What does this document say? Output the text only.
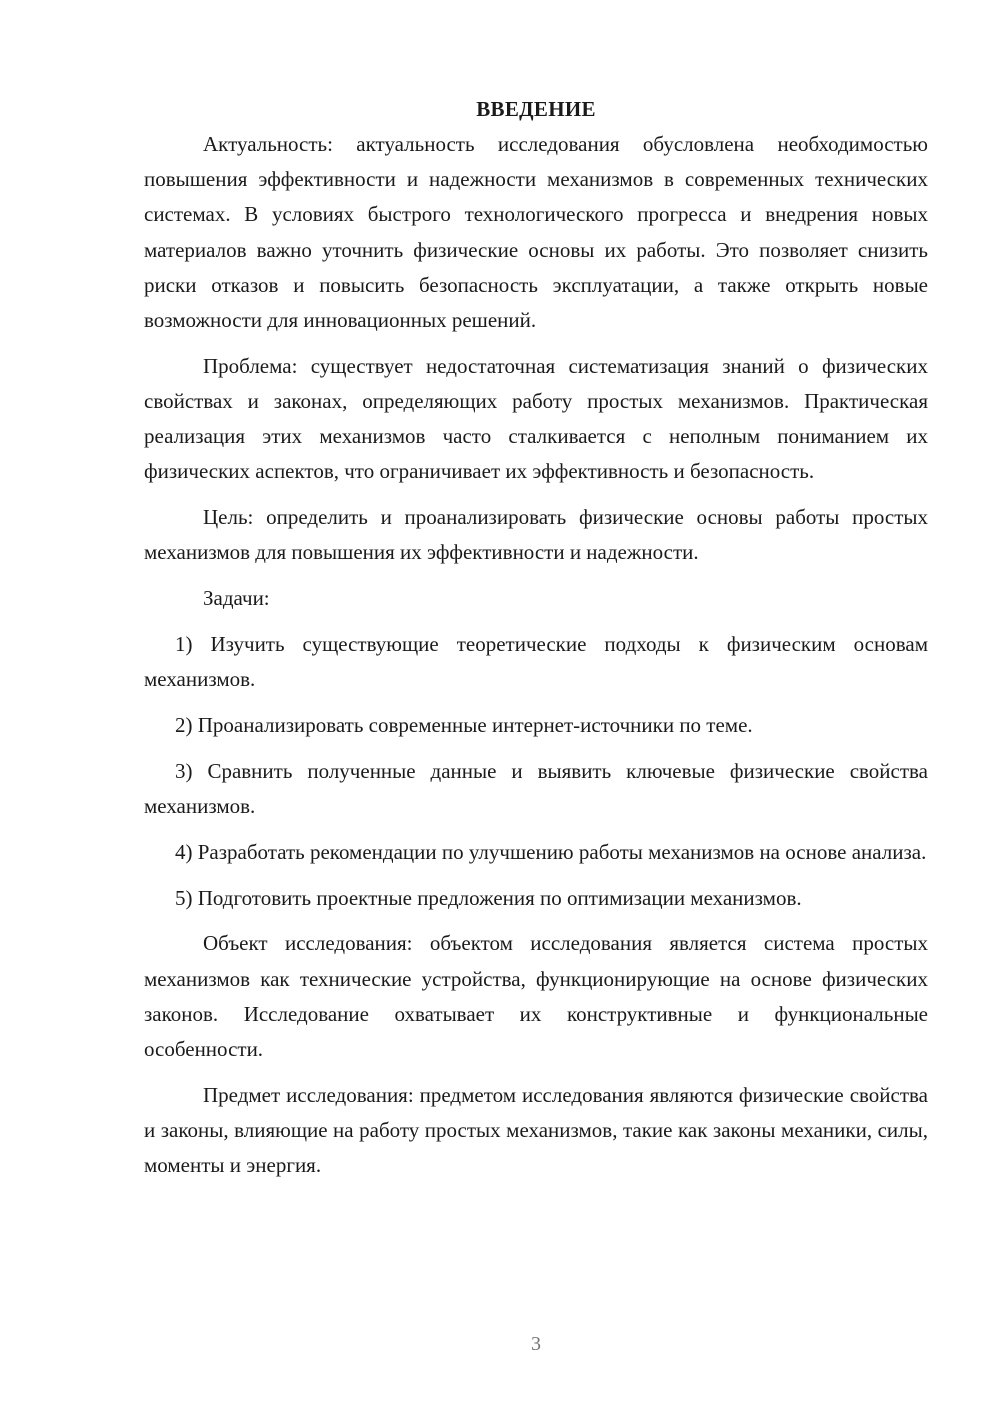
ВВЕДЕНИЕ

Актуальность: актуальность исследования обусловлена необходимостью повышения эффективности и надежности механизмов в современных технических системах. В условиях быстрого технологического прогресса и внедрения новых материалов важно уточнить физические основы их работы. Это позволяет снизить риски отказов и повысить безопасность эксплуатации, а также открыть новые возможности для инновационных решений.

Проблема: существует недостаточная систематизация знаний о физических свойствах и законах, определяющих работу простых механизмов. Практическая реализация этих механизмов часто сталкивается с неполным пониманием их физических аспектов, что ограничивает их эффективность и безопасность.

Цель: определить и проанализировать физические основы работы простых механизмов для повышения их эффективности и надежности.

Задачи:

1) Изучить существующие теоретические подходы к физическим основам механизмов.

2) Проанализировать современные интернет-источники по теме.

3) Сравнить полученные данные и выявить ключевые физические свойства механизмов.

4) Разработать рекомендации по улучшению работы механизмов на основе анализа.

5) Подготовить проектные предложения по оптимизации механизмов.

Объект исследования: объектом исследования является система простых механизмов как технические устройства, функционирующие на основе физических законов. Исследование охватывает их конструктивные и функциональные особенности.

Предмет исследования: предметом исследования являются физические свойства и законы, влияющие на работу простых механизмов, такие как законы механики, силы, моменты и энергия.

3
